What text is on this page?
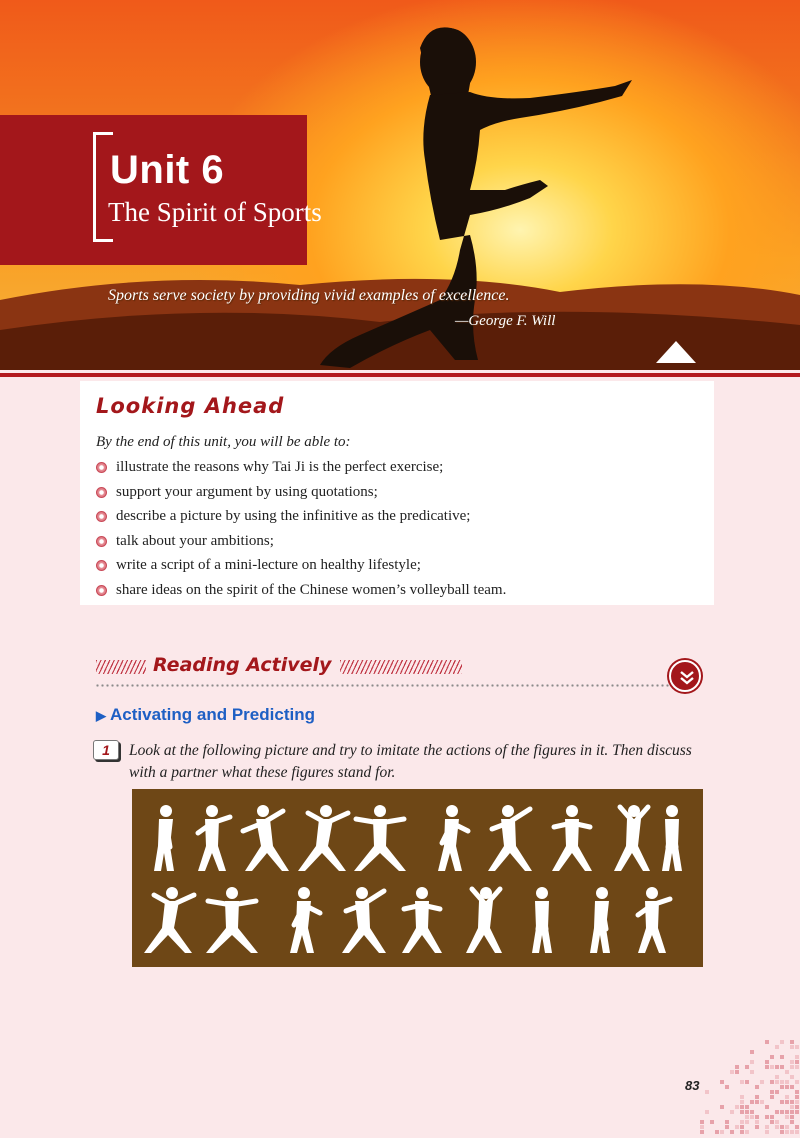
Unit 6
The Spirit of Sports
Sports serve society by providing vivid examples of excellence.
—George F. Will
Looking Ahead
By the end of this unit, you will be able to:
illustrate the reasons why Tai Ji is the perfect exercise;
support your argument by using quotations;
describe a picture by using the infinitive as the predicative;
talk about your ambitions;
write a script of a mini-lecture on healthy lifestyle;
share ideas on the spirit of the Chinese women’s volleyball team.
Reading Actively
▶ Activating and Predicting
1	Look at the following picture and try to imitate the actions of the figures in it. Then discuss with a partner what these figures stand for.
83
